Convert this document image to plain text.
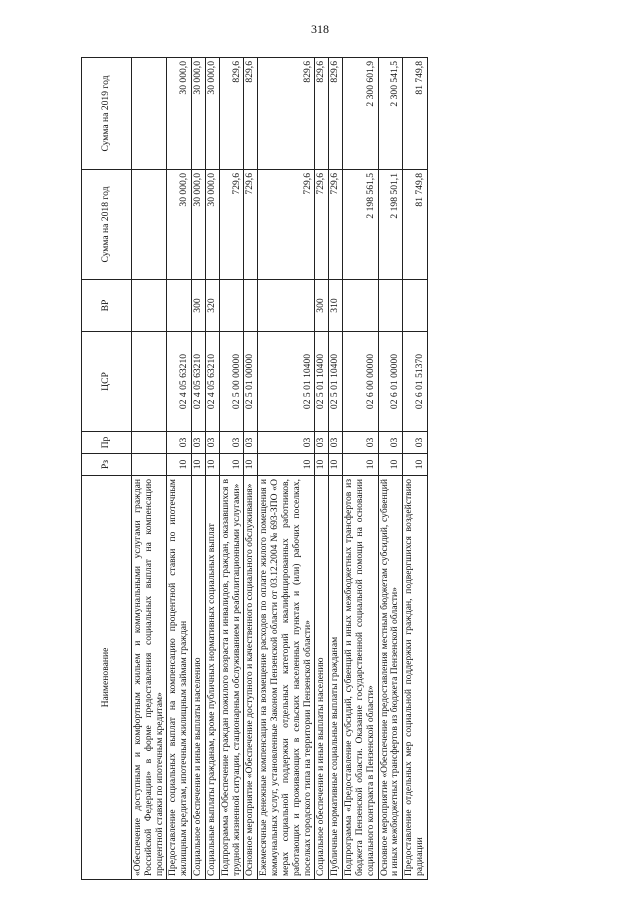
318
Наименование	Рз	Пр	ЦСР	ВР	Сумма на 2018 год	Сумма на 2019 год
«Обеспечение доступным и комфортным жильем и коммунальными услугами граждан Российской Федерации» в форме предоставления социальных выплат на компенсацию процентной ставки по ипотечным кредитам»						
Предоставление социальных выплат на компенсацию процентной ставки по ипотечным жилищным кредитам, ипотечным жилищным займам граждан	10	03	02 4 05 63210		30 000,0	30 000,0
Социальное обеспечение и иные выплаты населению	10	03	02 4 05 63210	300	30 000,0	30 000,0
Социальные выплаты гражданам, кроме публичных нормативных социальных выплат	10	03	02 4 05 63210	320	30 000,0	30 000,0
Подпрограмма «Обеспечение граждан пожилого возраста и инвалидов, граждан, оказавшихся в трудной жизненной ситуации, стационарным обслуживанием и реабилитационными услугами»	10	03	02 5 00 00000		729,6	829,6
Основное мероприятие «Обеспечение доступного и качественного социального обслуживания»	10	03	02 5 01 00000		729,6	829,6
Ежемесячные денежные компенсации на возмещение расходов по оплате жилого помещения и коммунальных услуг, установленные Законом Пензенской области от 03.12.2004 № 693-ЗПО «О мерах социальной поддержки отдельных категорий квалифицированных работников, работающих и проживающих в сельских населенных пунктах и (или) рабочих поселках, поселках городского типа на территории Пензенской области»	10	03	02 5 01 10400		729,6	829,6
Социальное обеспечение и иные выплаты населению	10	03	02 5 01 10400	300	729,6	829,6
Публичные нормативные социальные выплаты гражданам	10	03	02 5 01 10400	310	729,6	829,6
Подпрограмма «Предоставление субсидий, субвенций и иных межбюджетных трансфертов из бюджета Пензенской области. Оказание государственной социальной помощи на основании социального контракта в Пензенской области»	10	03	02 6 00 00000		2 198 561,5	2 300 601,9
Основное мероприятие «Обеспечение предоставления местным бюджетам субсидий, субвенций и иных межбюджетных трансфертов из бюджета Пензенской области»	10	03	02 6 01 00000		2 198 501,1	2 300 541,5
Предоставление отдельных мер социальной поддержки граждан, подвергшихся воздействию радиации	10	03	02 6 01 51370		81 749,8	81 749,8
